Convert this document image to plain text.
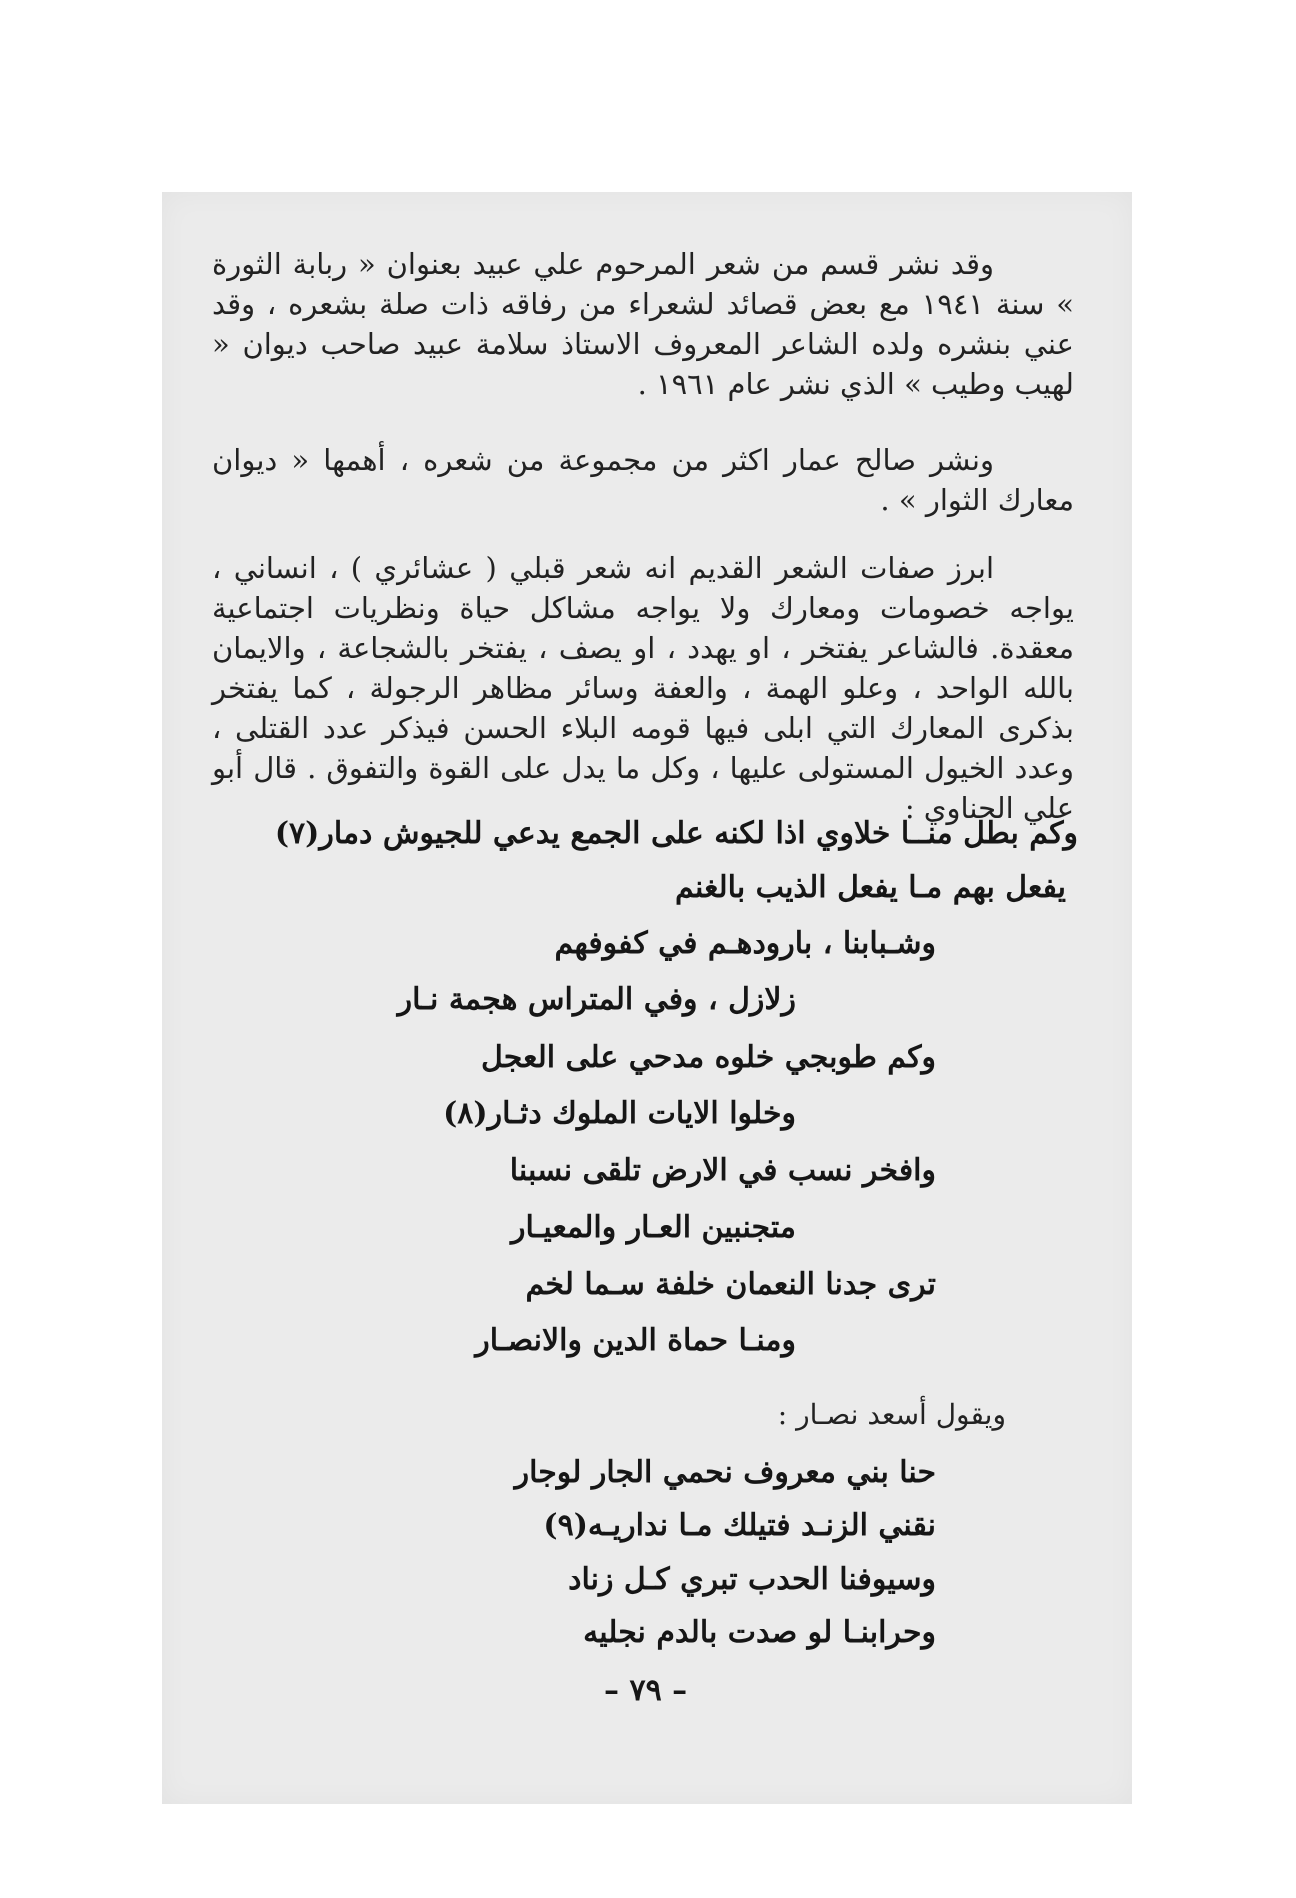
وقد نشر قسم من شعر المرحوم علي عبيد بعنوان « ربابة الثورة » سنة ١٩٤١ مع بعض قصائد لشعراء من رفاقه ذات صلة بشعره ، وقد عني بنشره ولده الشاعر المعروف الاستاذ سلامة عبيد صاحب ديوان « لهيب وطيب » الذي نشر عام ١٩٦١ .

ونشر صالح عمار اكثر من مجموعة من شعره ، أهمها « ديوان معارك الثوار » .

ابرز صفات الشعر القديم انه شعر قبلي ( عشائري ) ، انساني ، يواجه خصومات ومعارك ولا يواجه مشاكل حياة ونظريات اجتماعية معقدة. فالشاعر يفتخر ، او يهدد ، او يصف ، يفتخر بالشجاعة ، والايمان بالله الواحد ، وعلو الهمة ، والعفة وسائر مظاهر الرجولة ، كما يفتخر بذكرى المعارك التي ابلى فيها قومه البلاء الحسن فيذكر عدد القتلى ، وعدد الخيول المستولى عليها ، وكل ما يدل على القوة والتفوق . قال أبو علي الحناوي :

وكم بطل منــا خلاوي اذا لكنه على الجمع يدعي للجيوش دمار(٧)
يفعل بهم مـا يفعل الذيب بالغنم
وشـبابنا ، بارودهـم في كفوفهم
زلازل ، وفي المتراس هجمة نـار
وكم طوبجي خلوه مدحي على العجل
وخلوا الايات الملوك دثـار(٨)
وافخر نسب في الارض تلقى نسبنا
متجنبين العـار والمعيـار
ترى جدنا النعمان خلفة سـما لخم
ومنـا حماة الدين والانصـار
ويقول أسعد نصـار :
حنا بني معروف نحمي الجار لوجار
نقني الزنـد فتيلك مـا نداريـه(٩)
وسيوفنا الحدب تبري كـل زناد
وحرابنـا لو صدت بالدم نجليه
– ٧٩ –
